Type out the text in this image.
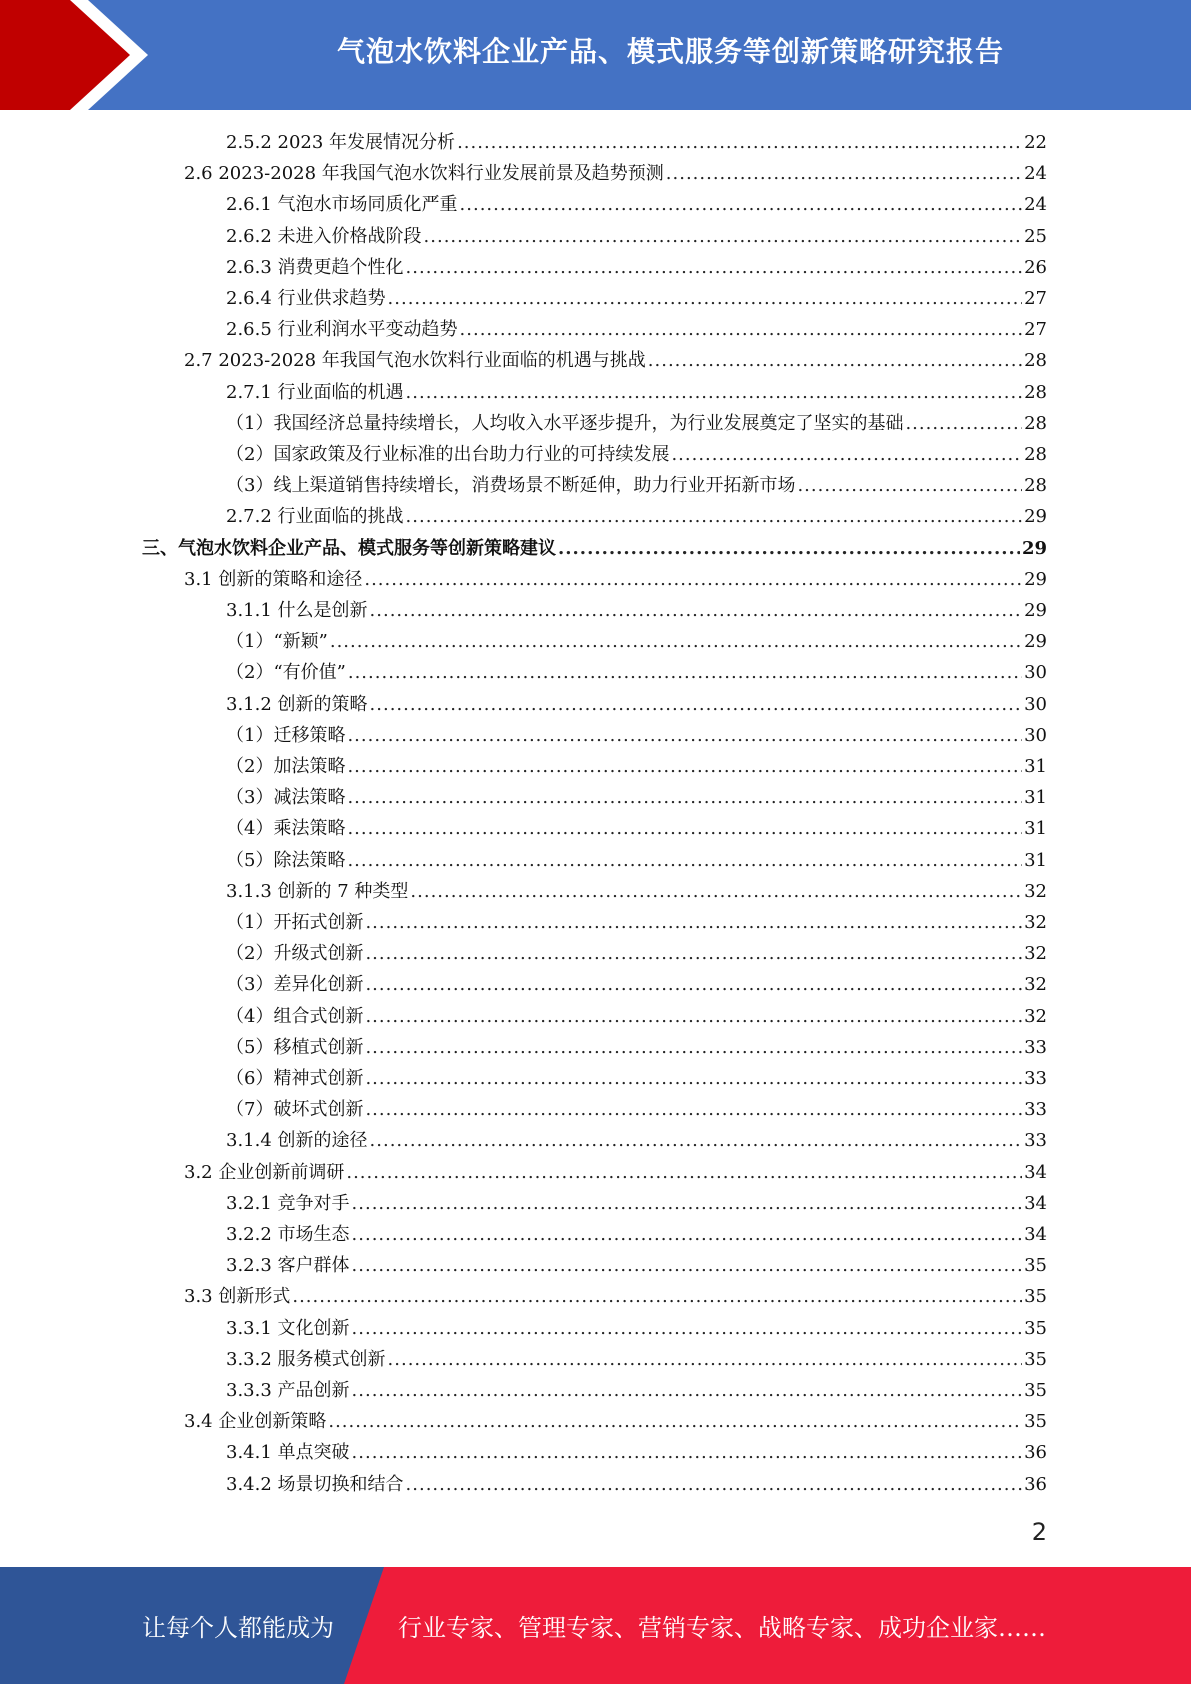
气泡水饮料企业产品、模式服务等创新策略研究报告
2.5.2 2023 年发展情况分析 .....	22
2.6 2023-2028 年我国气泡水饮料行业发展前景及趋势预测 .....	24
2.6.1 气泡水市场同质化严重 .....	24
2.6.2 未进入价格战阶段 .....	25
2.6.3 消费更趋个性化 .....	26
2.6.4 行业供求趋势 .....	27
2.6.5 行业利润水平变动趋势 .....	27
2.7 2023-2028 年我国气泡水饮料行业面临的机遇与挑战 .....	28
2.7.1 行业面临的机遇 .....	28
（1）我国经济总量持续增长，人均收入水平逐步提升，为行业发展奠定了坚实的基础 .....	28
（2）国家政策及行业标准的出台助力行业的可持续发展 .....	28
（3）线上渠道销售持续增长，消费场景不断延伸，助力行业开拓新市场 .....	28
2.7.2 行业面临的挑战 .....	29
三、气泡水饮料企业产品、模式服务等创新策略建议 .....	29
3.1 创新的策略和途径 .....	29
3.1.1 什么是创新 .....	29
（1）“新颖” .....	29
（2）“有价值” .....	30
3.1.2 创新的策略 .....	30
（1）迁移策略 .....	30
（2）加法策略 .....	31
（3）减法策略 .....	31
（4）乘法策略 .....	31
（5）除法策略 .....	31
3.1.3 创新的 7 种类型 .....	32
（1）开拓式创新 .....	32
（2）升级式创新 .....	32
（3）差异化创新 .....	32
（4）组合式创新 .....	32
（5）移植式创新 .....	33
（6）精神式创新 .....	33
（7）破坏式创新 .....	33
3.1.4 创新的途径 .....	33
3.2 企业创新前调研 .....	34
3.2.1 竞争对手 .....	34
3.2.2 市场生态 .....	34
3.2.3 客户群体 .....	35
3.3 创新形式 .....	35
3.3.1 文化创新 .....	35
3.3.2 服务模式创新 .....	35
3.3.3 产品创新 .....	35
3.4 企业创新策略 .....	35
3.4.1 单点突破 .....	36
3.4.2 场景切换和结合 .....	36
2
让每个人都能成为	行业专家、管理专家、营销专家、战略专家、成功企业家……
